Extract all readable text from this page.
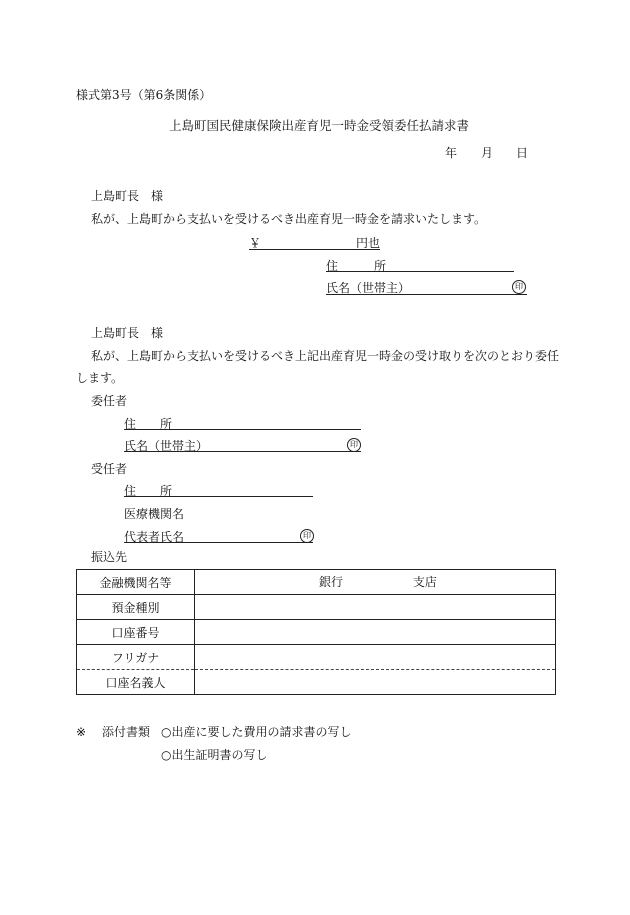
様式第3号（第6条関係）
上島町国民健康保険出産育児一時金受領委任払請求書
年 月 日
上島町長　様
私が、上島町から支払いを受けるべき出産育児一時金を請求いたします。
￥	円也
住　　　所
氏名（世帯主）	印
上島町長　様
私が、上島町から支払いを受けるべき上記出産育児一時金の受け取りを次のとおり委任
します。
委任者
住　　所
氏名（世帯主）	印
受任者
住　　所
医療機関名
代表者氏名	印
振込先
金融機関名等	銀行 支店
預金種別	
口座番号	
フリガナ	
口座名義人	
※ 添付書類 ○出産に要した費用の請求書の写し
○出生証明書の写し
